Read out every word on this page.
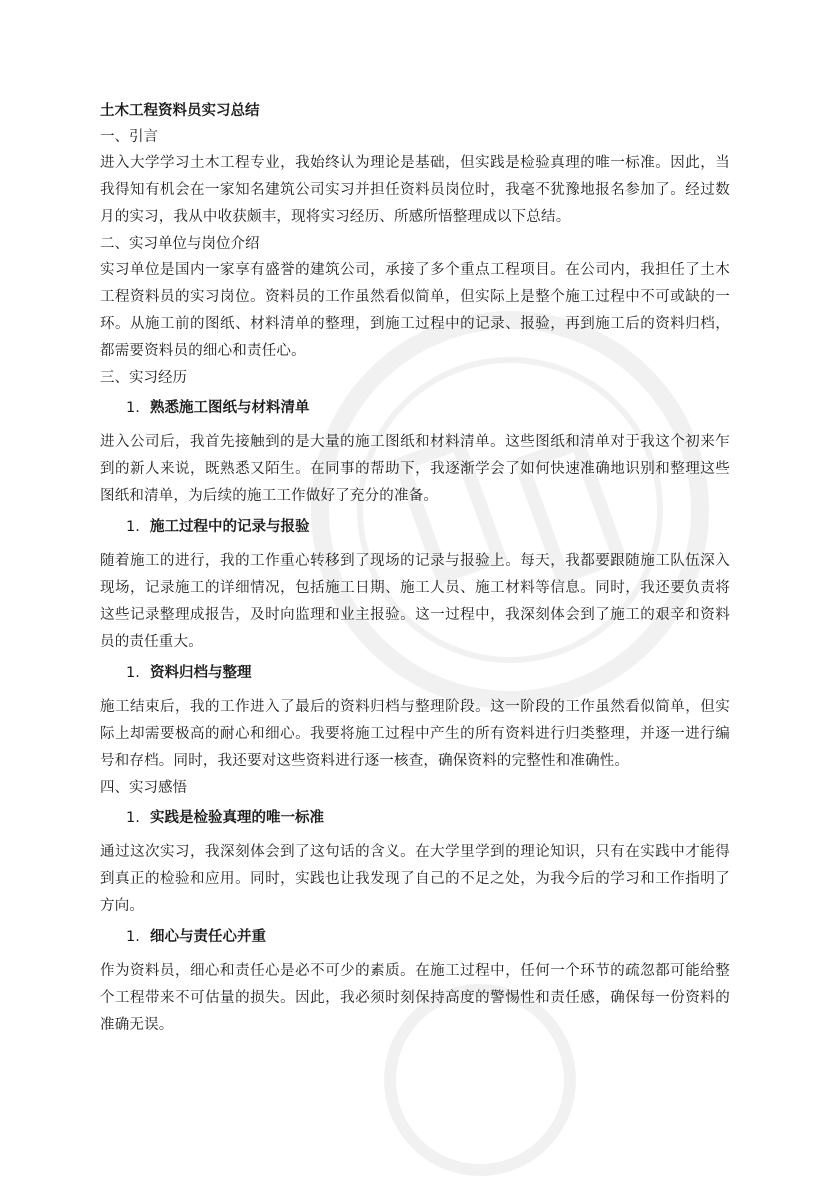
土木工程资料员实习总结

一、引言

进入大学学习土木工程专业，我始终认为理论是基础，但实践是检验真理的唯一标准。因此，当我得知有机会在一家知名建筑公司实习并担任资料员岗位时，我毫不犹豫地报名参加了。经过数月的实习，我从中收获颇丰，现将实习经历、所感所悟整理成以下总结。

二、实习单位与岗位介绍

实习单位是国内一家享有盛誉的建筑公司，承接了多个重点工程项目。在公司内，我担任了土木工程资料员的实习岗位。资料员的工作虽然看似简单，但实际上是整个施工过程中不可或缺的一环。从施工前的图纸、材料清单的整理，到施工过程中的记录、报验，再到施工后的资料归档，都需要资料员的细心和责任心。

三、实习经历

1. 熟悉施工图纸与材料清单

进入公司后，我首先接触到的是大量的施工图纸和材料清单。这些图纸和清单对于我这个初来乍到的新人来说，既熟悉又陌生。在同事的帮助下，我逐渐学会了如何快速准确地识别和整理这些图纸和清单，为后续的施工工作做好了充分的准备。

1. 施工过程中的记录与报验

随着施工的进行，我的工作重心转移到了现场的记录与报验上。每天，我都要跟随施工队伍深入现场，记录施工的详细情况，包括施工日期、施工人员、施工材料等信息。同时，我还要负责将这些记录整理成报告，及时向监理和业主报验。这一过程中，我深刻体会到了施工的艰辛和资料员的责任重大。

1. 资料归档与整理

施工结束后，我的工作进入了最后的资料归档与整理阶段。这一阶段的工作虽然看似简单，但实际上却需要极高的耐心和细心。我要将施工过程中产生的所有资料进行归类整理，并逐一进行编号和存档。同时，我还要对这些资料进行逐一核查，确保资料的完整性和准确性。

四、实习感悟

1. 实践是检验真理的唯一标准

通过这次实习，我深刻体会到了这句话的含义。在大学里学到的理论知识，只有在实践中才能得到真正的检验和应用。同时，实践也让我发现了自己的不足之处，为我今后的学习和工作指明了方向。

1. 细心与责任心并重

作为资料员，细心和责任心是必不可少的素质。在施工过程中，任何一个环节的疏忽都可能给整个工程带来不可估量的损失。因此，我必须时刻保持高度的警惕性和责任感，确保每一份资料的准确无误。
